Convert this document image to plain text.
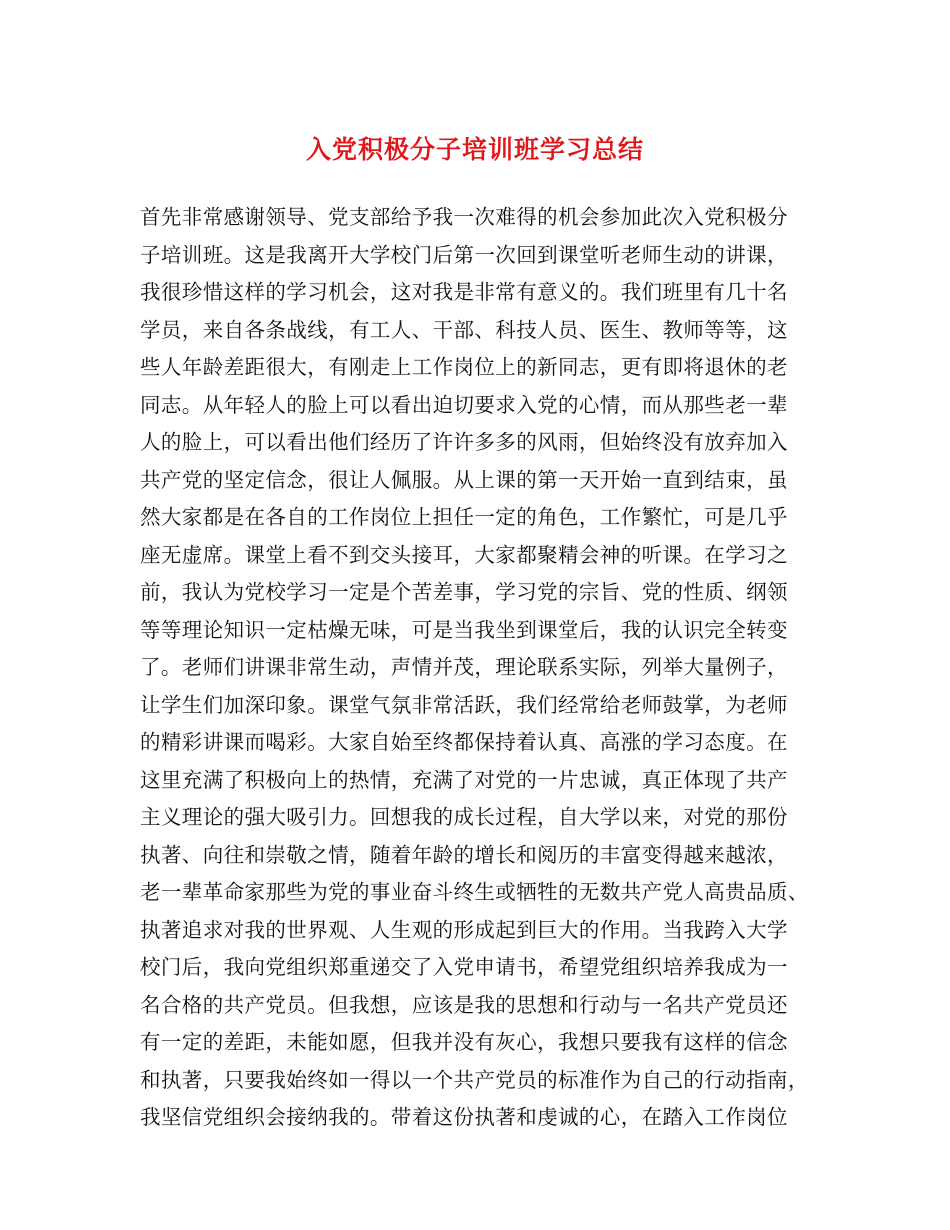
入党积极分子培训班学习总结
首先非常感谢领导、党支部给予我一次难得的机会参加此次入党积极分
子培训班。这是我离开大学校门后第一次回到课堂听老师生动的讲课，
我很珍惜这样的学习机会，这对我是非常有意义的。我们班里有几十名
学员，来自各条战线，有工人、干部、科技人员、医生、教师等等，这
些人年龄差距很大，有刚走上工作岗位上的新同志，更有即将退休的老
同志。从年轻人的脸上可以看出迫切要求入党的心情，而从那些老一辈
人的脸上，可以看出他们经历了许许多多的风雨，但始终没有放弃加入
共产党的坚定信念，很让人佩服。从上课的第一天开始一直到结束，虽
然大家都是在各自的工作岗位上担任一定的角色，工作繁忙，可是几乎
座无虚席。课堂上看不到交头接耳，大家都聚精会神的听课。在学习之
前，我认为党校学习一定是个苦差事，学习党的宗旨、党的性质、纲领
等等理论知识一定枯燥无味，可是当我坐到课堂后，我的认识完全转变
了。老师们讲课非常生动，声情并茂，理论联系实际，列举大量例子，
让学生们加深印象。课堂气氛非常活跃，我们经常给老师鼓掌，为老师
的精彩讲课而喝彩。大家自始至终都保持着认真、高涨的学习态度。在
这里充满了积极向上的热情，充满了对党的一片忠诚，真正体现了共产
主义理论的强大吸引力。回想我的成长过程，自大学以来，对党的那份
执著、向往和崇敬之情，随着年龄的增长和阅历的丰富变得越来越浓，
老一辈革命家那些为党的事业奋斗终生或牺牲的无数共产党人高贵品质、
执著追求对我的世界观、人生观的形成起到巨大的作用。当我跨入大学
校门后，我向党组织郑重递交了入党申请书，希望党组织培养我成为一
名合格的共产党员。但我想，应该是我的思想和行动与一名共产党员还
有一定的差距，未能如愿，但我并没有灰心，我想只要我有这样的信念
和执著，只要我始终如一得以一个共产党员的标准作为自己的行动指南，
我坚信党组织会接纳我的。带着这份执著和虔诚的心，在踏入工作岗位
